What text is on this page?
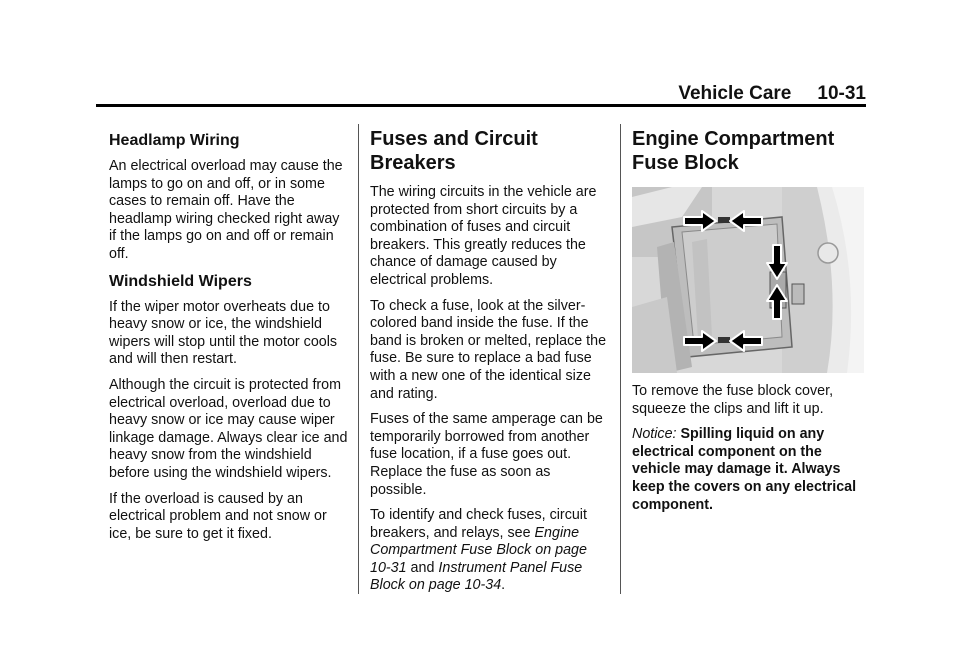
Vehicle Care 10-31
Headlamp Wiring

An electrical overload may cause the lamps to go on and off, or in some cases to remain off. Have the headlamp wiring checked right away if the lamps go on and off or remain off.

Windshield Wipers

If the wiper motor overheats due to heavy snow or ice, the windshield wipers will stop until the motor cools and will then restart.

Although the circuit is protected from electrical overload, overload due to heavy snow or ice may cause wiper linkage damage. Always clear ice and heavy snow from the windshield before using the windshield wipers.

If the overload is caused by an electrical problem and not snow or ice, be sure to get it fixed.

Fuses and Circuit Breakers

The wiring circuits in the vehicle are protected from short circuits by a combination of fuses and circuit breakers. This greatly reduces the chance of damage caused by electrical problems.

To check a fuse, look at the silver-colored band inside the fuse. If the band is broken or melted, replace the fuse. Be sure to replace a bad fuse with a new one of the identical size and rating.

Fuses of the same amperage can be temporarily borrowed from another fuse location, if a fuse goes out. Replace the fuse as soon as possible.

To identify and check fuses, circuit breakers, and relays, see Engine Compartment Fuse Block on page 10-31 and Instrument Panel Fuse Block on page 10-34.

Engine Compartment Fuse Block

To remove the fuse block cover, squeeze the clips and lift it up.

Notice: Spilling liquid on any electrical component on the vehicle may damage it. Always keep the covers on any electrical component.
